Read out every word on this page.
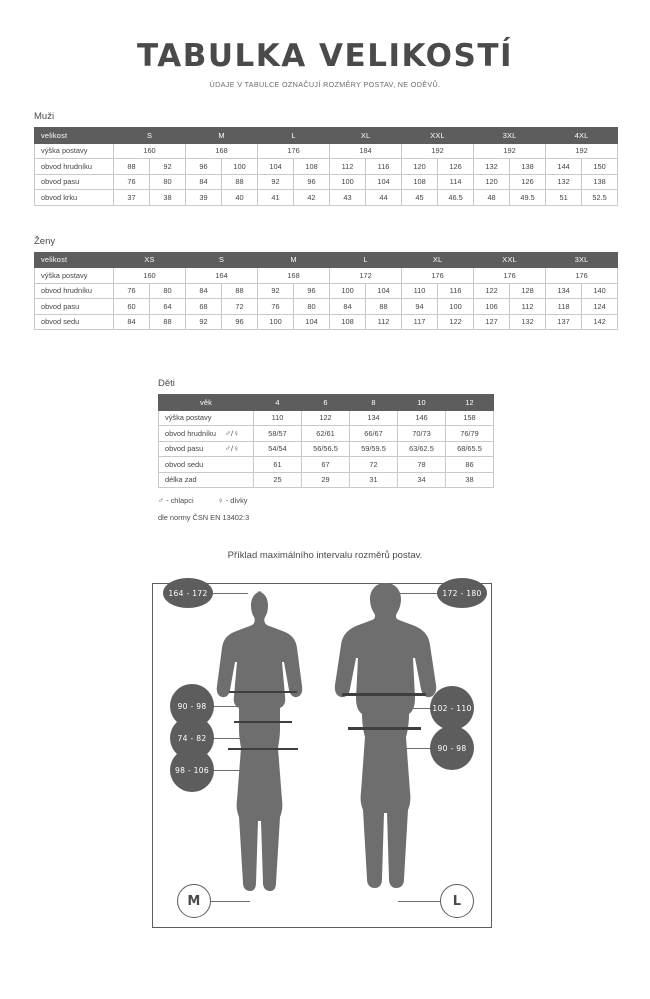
TABULKA VELIKOSTÍ
ÚDAJE V TABULCE OZNAČUJÍ ROZMĚRY POSTAV, NE ODĚVŮ.
Muži
velikost	S		M		L		XL		XXL		3XL		4XL	
výška postavy	160		168		176		184		192		192		192	
obvod hrudníku	88	92	96	100	104	108	112	116	120	126	132	138	144	150
obvod pasu	76	80	84	88	92	96	100	104	108	114	120	126	132	138
obvod krku	37	38	39	40	41	42	43	44	45	46.5	48	49.5	51	52.5
Ženy
velikost	XS		S		M		L		XL		XXL		3XL	
výška postavy	160		164		168		172		176		176		176	
obvod hrudníku	76	80	84	88	92	96	100	104	110	116	122	128	134	140
obvod pasu	60	64	68	72	76	80	84	88	94	100	106	112	118	124
obvod sedu	84	88	92	96	100	104	108	112	117	122	127	132	137	142
Děti
věk	4	6	8	10	12
výška postavy	110	122	134	146	158
obvod hrudníku ♂/♀	58/57	62/61	66/67	70/73	76/79
obvod pasu ♂/♀	54/54	56/56.5	59/59.5	63/62.5	68/65.5
obvod sedu	61	67	72	78	86
délka zad	25	29	31	34	38
♂ - chlapci	♀ - dívky
dle normy ČSN EN 13402:3
Příklad maximálního intervalu rozměrů postav.
164 - 172
90 - 98
74 - 82
98 - 106
M
172 - 180
102 - 110
90 - 98
L
